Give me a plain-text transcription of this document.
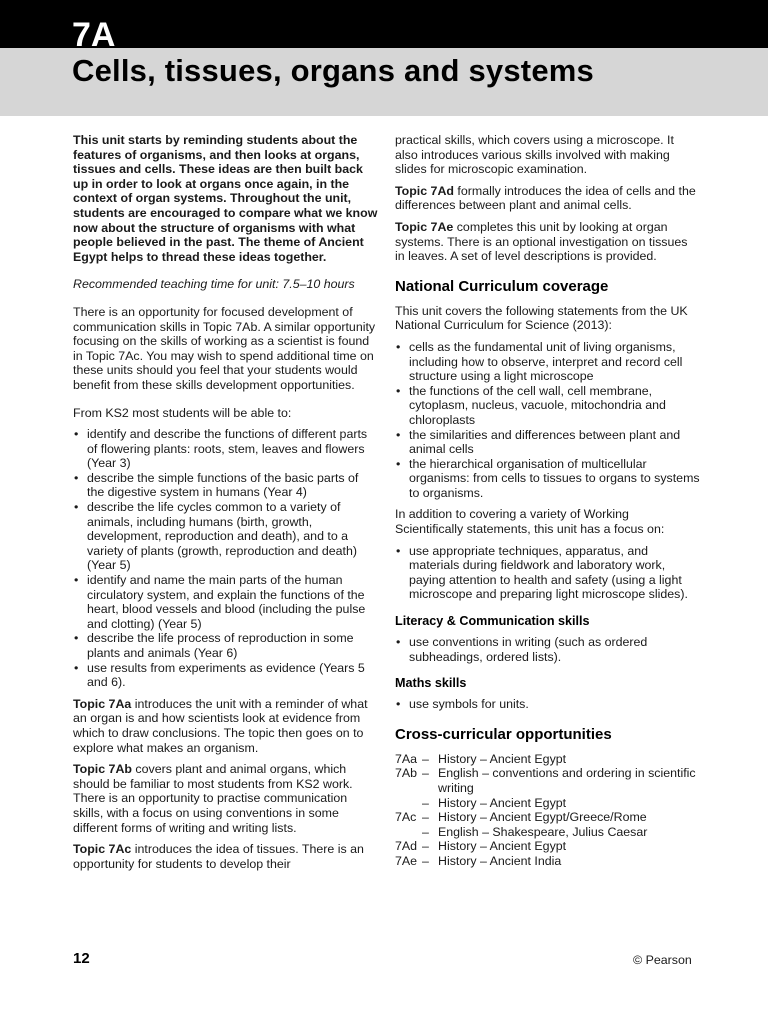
7A
Cells, tissues, organs and systems

This unit starts by reminding students about the features of organisms, and then looks at organs, tissues and cells. These ideas are then built back up in order to look at organs once again, in the context of organ systems. Throughout the unit, students are encouraged to compare what we know now about the structure of organisms with what people believed in the past. The theme of Ancient Egypt helps to thread these ideas together.

Recommended teaching time for unit: 7.5–10 hours

There is an opportunity for focused development of communication skills in Topic 7Ab. A similar opportunity focusing on the skills of working as a scientist is found in Topic 7Ac. You may wish to spend additional time on these units should you feel that your students would benefit from these skills development opportunities.

From KS2 most students will be able to:

• identify and describe the functions of different parts of flowering plants: roots, stem, leaves and flowers (Year 3)
• describe the simple functions of the basic parts of the digestive system in humans (Year 4)
• describe the life cycles common to a variety of animals, including humans (birth, growth, development, reproduction and death), and to a variety of plants (growth, reproduction and death) (Year 5)
• identify and name the main parts of the human circulatory system, and explain the functions of the heart, blood vessels and blood (including the pulse and clotting) (Year 5)
• describe the life process of reproduction in some plants and animals (Year 6)
• use results from experiments as evidence (Years 5 and 6).

Topic 7Aa introduces the unit with a reminder of what an organ is and how scientists look at evidence from which to draw conclusions. The topic then goes on to explore what makes an organism.

Topic 7Ab covers plant and animal organs, which should be familiar to most students from KS2 work. There is an opportunity to practise communication skills, with a focus on using conventions in some different forms of writing and writing lists.

Topic 7Ac introduces the idea of tissues. There is an opportunity for students to develop their

practical skills, which covers using a microscope. It also introduces various skills involved with making slides for microscopic examination.

Topic 7Ad formally introduces the idea of cells and the differences between plant and animal cells.

Topic 7Ae completes this unit by looking at organ systems. There is an optional investigation on tissues in leaves. A set of level descriptions is provided.

National Curriculum coverage

This unit covers the following statements from the UK National Curriculum for Science (2013):

• cells as the fundamental unit of living organisms, including how to observe, interpret and record cell structure using a light microscope
• the functions of the cell wall, cell membrane, cytoplasm, nucleus, vacuole, mitochondria and chloroplasts
• the similarities and differences between plant and animal cells
• the hierarchical organisation of multicellular organisms: from cells to tissues to organs to systems to organisms.

In addition to covering a variety of Working Scientifically statements, this unit has a focus on:

• use appropriate techniques, apparatus, and materials during fieldwork and laboratory work, paying attention to health and safety (using a light microscope and preparing light microscope slides).
Literacy & Communication skills
• use conventions in writing (such as ordered subheadings, ordered lists).
Maths skills
• use symbols for units.
Cross-curricular opportunities
7Aa	–	History – Ancient Egypt
7Ab	–	English – conventions and ordering in scientific writing
	–	History – Ancient Egypt
7Ac	–	History – Ancient Egypt/Greece/Rome
	–	English – Shakespeare, Julius Caesar
7Ad	–	History – Ancient Egypt
7Ae	–	History – Ancient India
12	© Pearson
